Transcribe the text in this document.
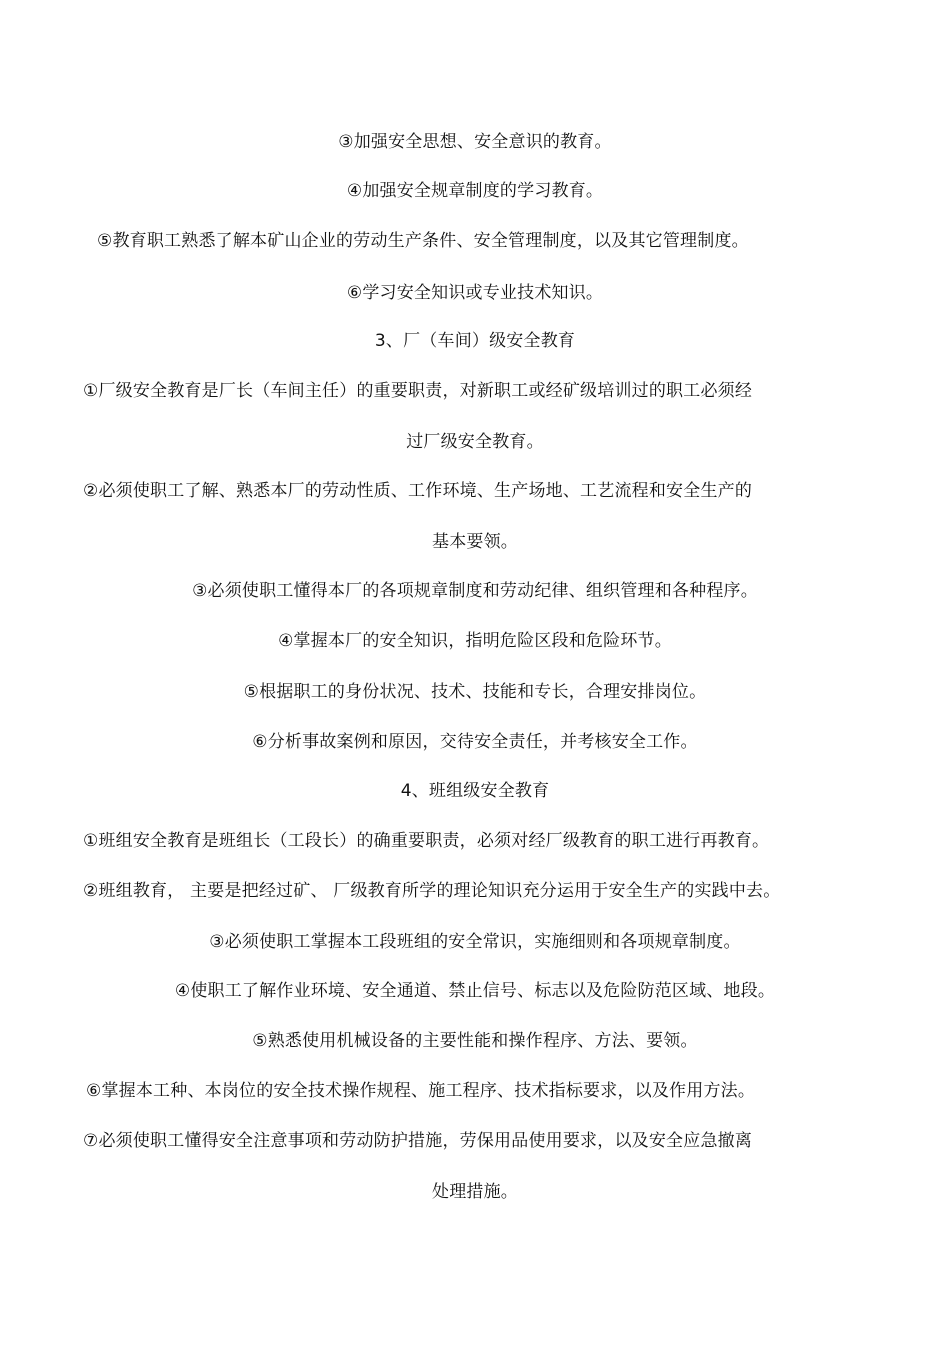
③加强安全思想、安全意识的教育。
④加强安全规章制度的学习教育。
⑤教育职工熟悉了解本矿山企业的劳动生产条件、安全管理制度，以及其它管理制度。
⑥学习安全知识或专业技术知识。
3、厂（车间）级安全教育
①厂级安全教育是厂长（车间主任）的重要职责，对新职工或经矿级培训过的职工必须经
过厂级安全教育。
②必须使职工了解、熟悉本厂的劳动性质、工作环境、生产场地、工艺流程和安全生产的
基本要领。
③必须使职工懂得本厂的各项规章制度和劳动纪律、组织管理和各种程序。
④掌握本厂的安全知识，指明危险区段和危险环节。
⑤根据职工的身份状况、技术、技能和专长，合理安排岗位。
⑥分析事故案例和原因，交待安全责任，并考核安全工作。
4、班组级安全教育
①班组安全教育是班组长（工段长）的确重要职责，必须对经厂级教育的职工进行再教育。
②班组教育， 主要是把经过矿、 厂级教育所学的理论知识充分运用于安全生产的实践中去。
③必须使职工掌握本工段班组的安全常识，实施细则和各项规章制度。
④使职工了解作业环境、安全通道、禁止信号、标志以及危险防范区域、地段。
⑤熟悉使用机械设备的主要性能和操作程序、方法、要领。
⑥掌握本工种、本岗位的安全技术操作规程、施工程序、技术指标要求，以及作用方法。
⑦必须使职工懂得安全注意事项和劳动防护措施，劳保用品使用要求，以及安全应急撤离
处理措施。
